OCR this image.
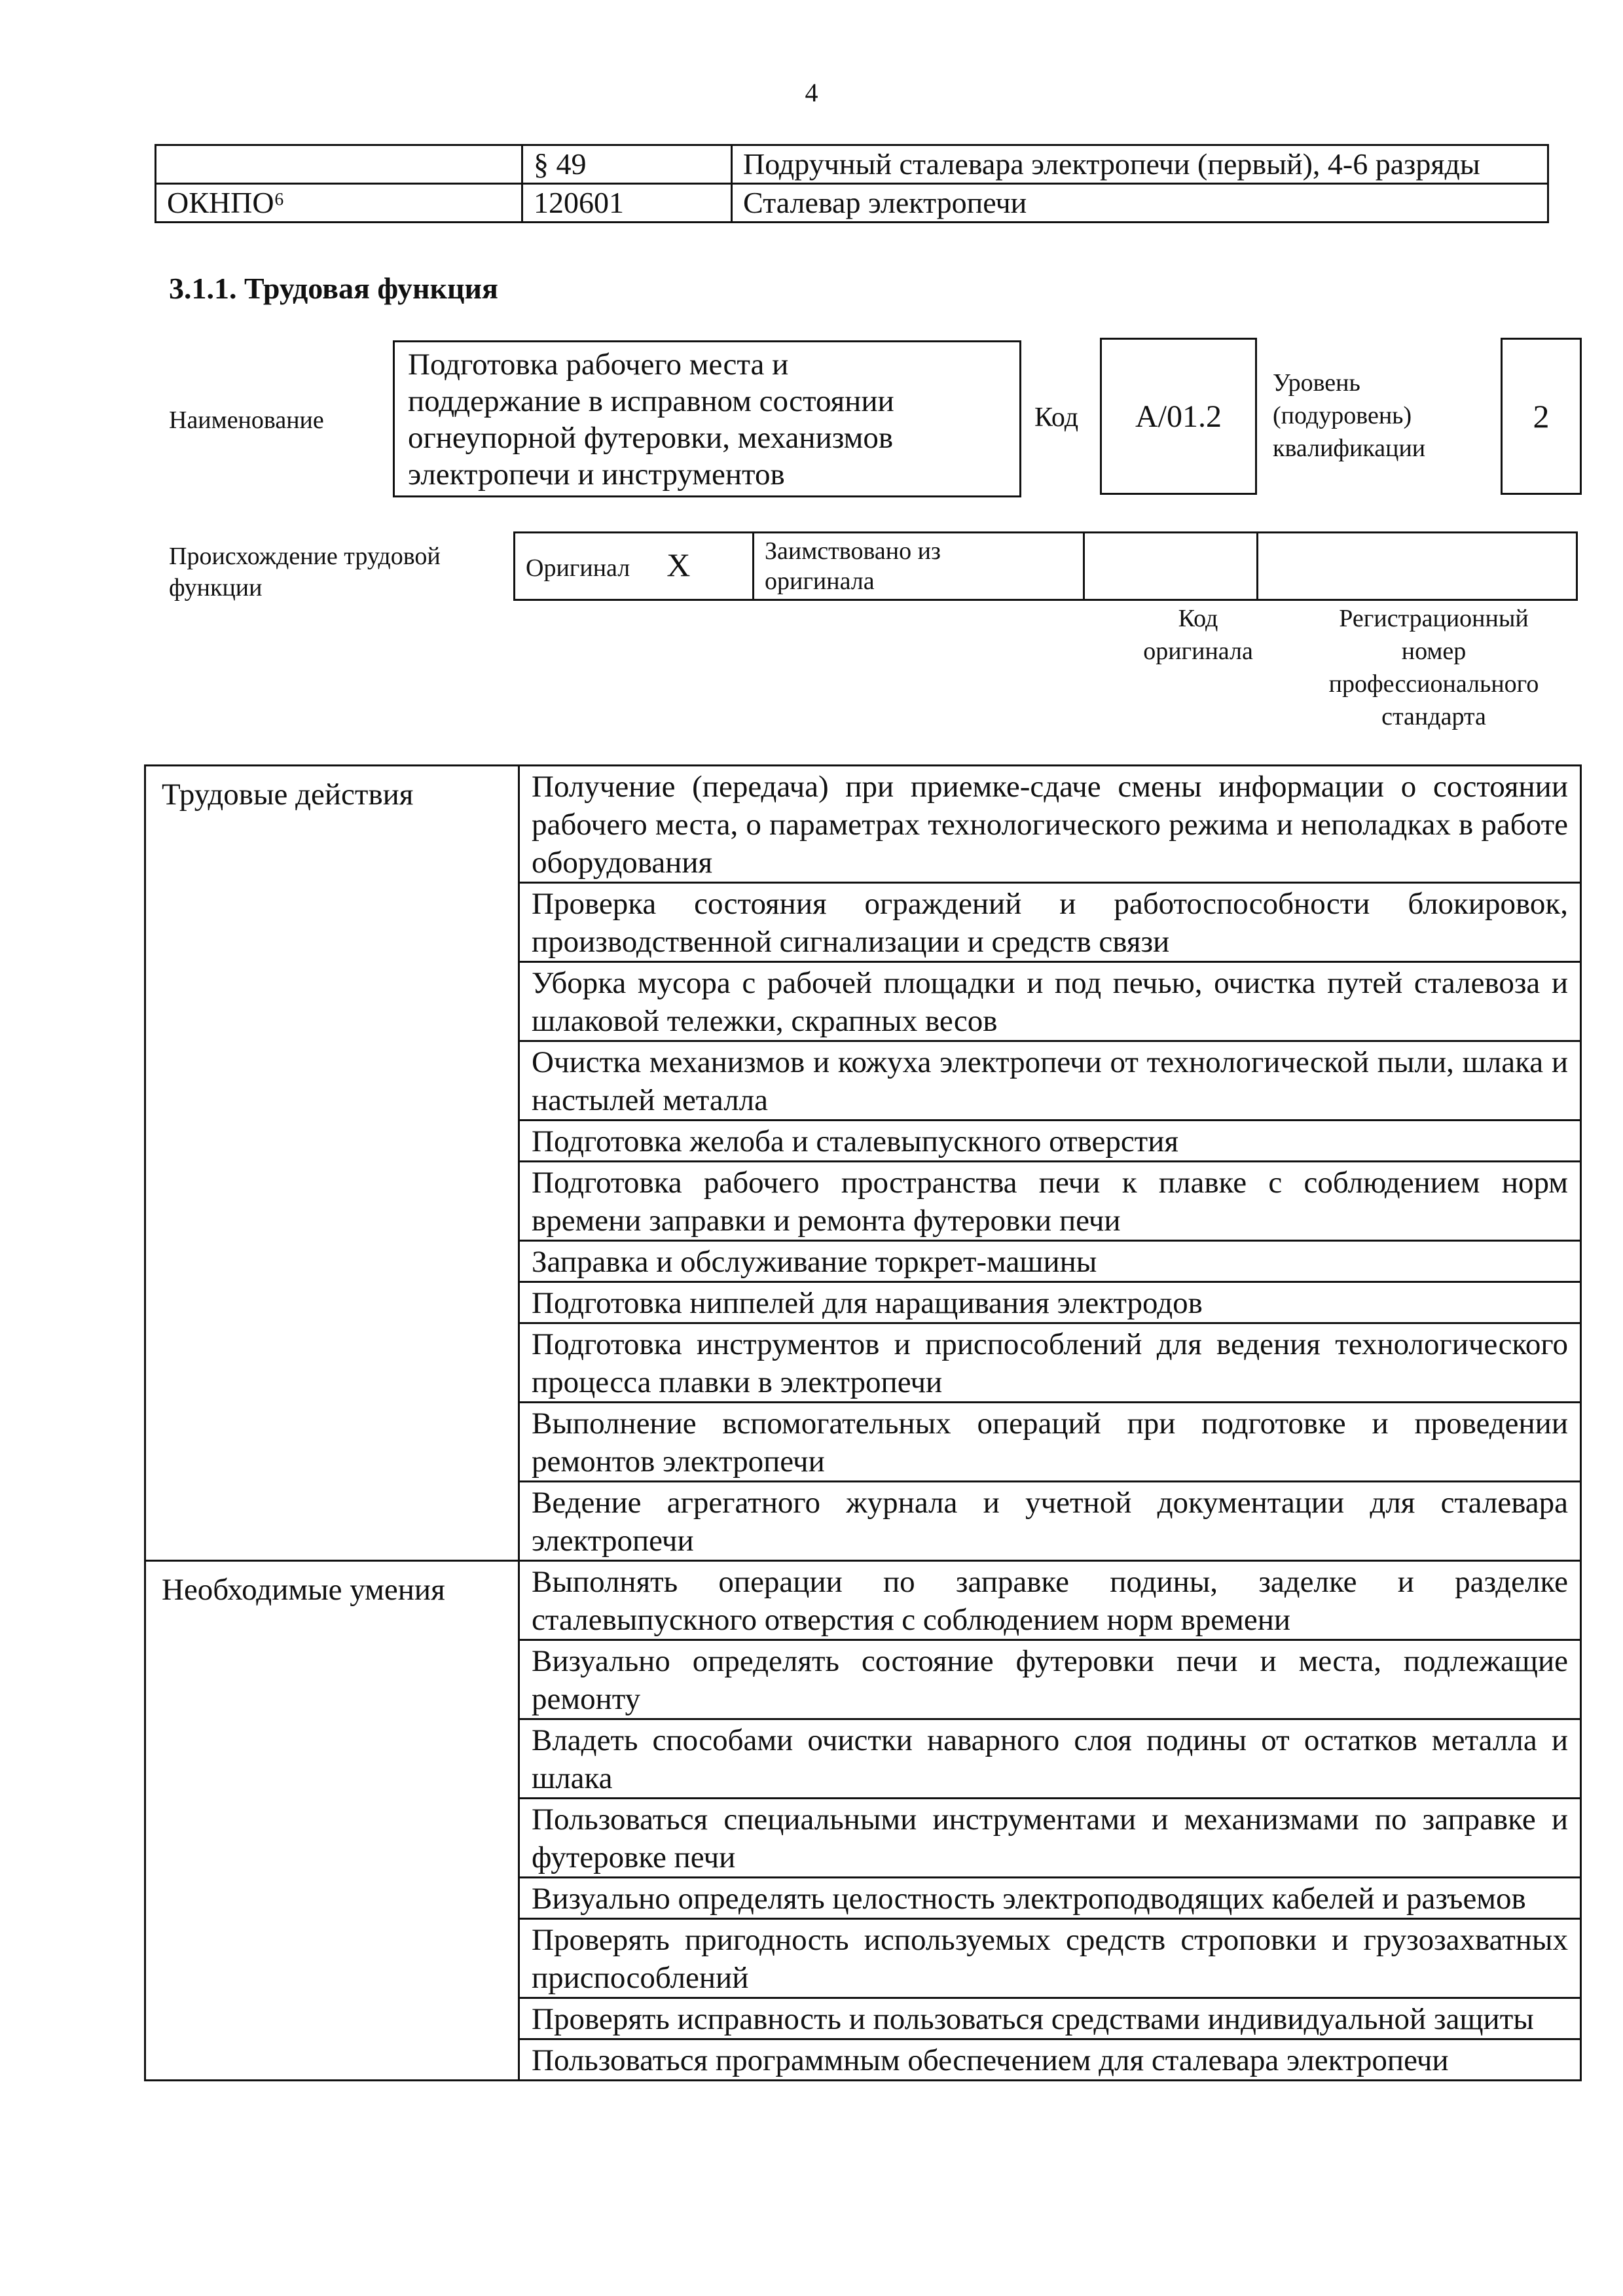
4
	§ 49	Подручный сталевара электропечи (первый), 4-6 разряды
ОКНПО⁶	120601	Сталевар электропечи
3.1.1. Трудовая функция
Наименование
Подготовка рабочего места и
поддержание в исправном состоянии
огнеупорной футеровки, механизмов
электропечи и инструментов
Код	А/01.2
Уровень
(подуровень)
квалификации
2
Происхождение трудовой
функции
Оригинал X	Заимствовано из
оригинала

Код
оригинала
Регистрационный
номер
профессионального
стандарта
Трудовые действия	Получение (передача) при приемке-сдаче смены информации о состоянии рабочего места, о параметрах технологического режима и неполадках в работе оборудования
	Проверка состояния ограждений и работоспособности блокировок, производственной сигнализации и средств связи
	Уборка мусора с рабочей площадки и под печью, очистка путей сталевоза и шлаковой тележки, скрапных весов
	Очистка механизмов и кожуха электропечи от технологической пыли, шлака и настылей металла
	Подготовка желоба и сталевыпускного отверстия
	Подготовка рабочего пространства печи к плавке с соблюдением норм времени заправки и ремонта футеровки печи
	Заправка и обслуживание торкрет-машины
	Подготовка ниппелей для наращивания электродов
	Подготовка инструментов и приспособлений для ведения технологического процесса плавки в электропечи
	Выполнение вспомогательных операций при подготовке и проведении ремонтов электропечи
	Ведение агрегатного журнала и учетной документации для сталевара электропечи
Необходимые умения	Выполнять операции по заправке подины, заделке и разделке сталевыпускного отверстия с соблюдением норм времени
	Визуально определять состояние футеровки печи и места, подлежащие ремонту
	Владеть способами очистки наварного слоя подины от остатков металла и шлака
	Пользоваться специальными инструментами и механизмами по заправке и футеровке печи
	Визуально определять целостность электроподводящих кабелей и разъемов
	Проверять пригодность используемых средств строповки и грузозахватных приспособлений
	Проверять исправность и пользоваться средствами индивидуальной защиты
	Пользоваться программным обеспечением для сталевара электропечи
